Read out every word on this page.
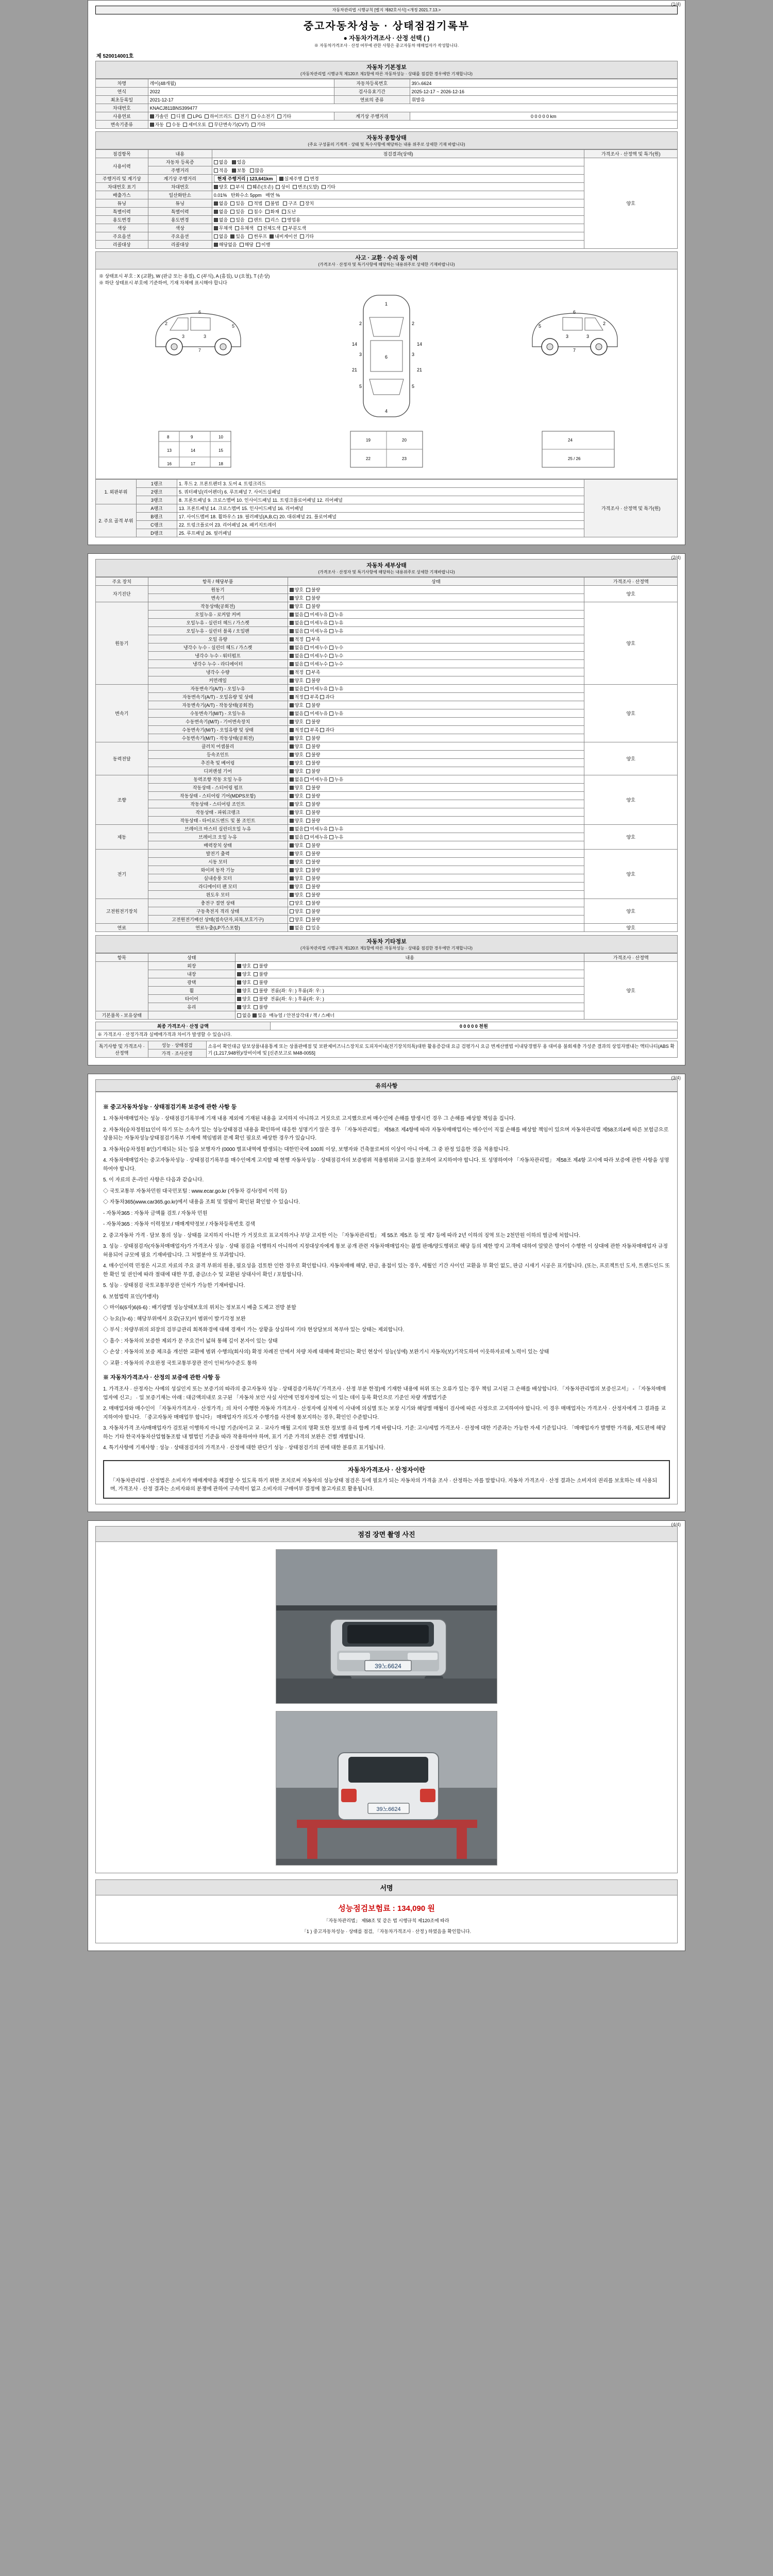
(1/4)
자동차관리법 시행규칙 [별지 제82호서식] <개정 2021.7.13.>
중고자동차성능 · 상태점검기록부
● 자동차가격조사 · 산정 선택 ( )
※ 자동차가격조사 · 산정 여부에 관한 사항은 중고자동차 매매업자가 작성합니다.
제 520014001호
자동차 기본정보
(자동차관리법 시행규칙 제120조 제1항에 따른 자동차성능 · 상태를 점검한 경우에만 기재합니다)
차명	레이(48개월)	자동차등록번호	39노6624
연식	2022	검사유효기간	2025-12-17 ~ 2026-12-16
최초등록일	2021-12-17	연료의 종류	휘발유
차대번호	KNACJ811BNS399477		
사용연료	가솔린 디젤 LPG 하이브리드 전기 수소전기 기타	계기상 주행거리	0 0 0 0 0 km
변속기종류	자동 수동 세미오토 무단변속기(CVT) 기타		
자동차 종합상태
(주요 구성품의 기계적 · 상태 및 특수사항에 해당하는 내용 위주로 상세한 기재 바랍니다)
점검항목	내용	점검결과(상태)	가격조사 · 산정액 및 특가(원)
사용이력	자동차 등록증	없음 있음	양호
	주행거리	적음 보통 많음	
주행거리 및 계기상	계기상 주행거리	현재 주행거리 | 123,641km 실제주행 변경	
차대번호 표기	차대번호	양호 부식 훼손(오손) 상이 변조(도말) 기타	
배출가스	일산화탄소	0.01% 탄화수소 5ppm 매연 %	
튜닝	튜닝	없음 있음 적법 불법 구조 장치	
특별이력	특별이력	없음 있음 침수 화재 도난	
용도변경	용도변경	없음 있음 렌트 리스 영업용	
색상	색상	무채색 유채색 전체도색 부분도색	
주요옵션	주요옵션	없음 있음 썬루프 내비게이션 기타	
리콜대상	리콜대상	해당없음 해당 이행	
사고 · 교환 · 수리 등 이력
(가격조사 · 산정자 및 특기사항에 해당하는 내용위주로 상세한 기재바랍니다)
※ 상태표시 부호 : X (교환), W (판금 또는 용접), C (부식), A (흠집), U (요철), T (손상)
※ 하단 상태표시 부호에 기준하여, 기재 차체에 표시해야 합니다
2
3	3
5
6
7
1
2	2
3	3
6
5	5
4
14	14
21	21
2
3
3
5
6
7
8	9	10
13	14	15
16	17	18
19	20
22	23
24
25 / 26
1. 외판부위	1랭크	1. 후드 2. 프론트펜더 3. 도어 4. 트렁크리드	가격조사 · 산정액 및 특가(원)
	2랭크	5. 쿼터패널(리어펜더) 6. 루프패널 7. 사이드실패널	
	3랭크	8. 프론트패널 9. 크로스멤버 10. 인사이드패널 11. 트렁크플로어패널 12. 리어패널	
2. 주요 골격 부위	A랭크	13. 프론트패널 14. 크로스멤버 15. 인사이드패널 16. 리어패널	
	B랭크	17. 사이드멤버 18. 휠하우스 19. 필러패널(A,B,C) 20. 대쉬패널 21. 플로어패널	
	C랭크	22. 트렁크플로어 23. 리어패널 24. 패키지트레이	
	D랭크	25. 루프패널 26. 필러패널	
(2/4)
자동차 세부상태
(가격조사 · 산정자 및 특기사항에 해당하는 내용위주로 상세한 기재바랍니다)
주요 장치	항목 / 해당부품	상태	가격조사 · 산정액
자기진단	원동기	양호 불량	양호
	변속기	양호 불량	
원동기	작동상태(공회전)	양호 불량	양호
	오일누유 - 로커암 커버	없음 미세누유 누유	
	오일누유 - 실린더 헤드 / 가스켓	없음 미세누유 누유	
	오일누유 - 실린더 블록 / 오일팬	없음 미세누유 누유	
	오일 유량	적정 부족	
	냉각수 누수 - 실린더 헤드 / 가스켓	없음 미세누수 누수	
	냉각수 누수 - 워터펌프	없음 미세누수 누수	
	냉각수 누수 - 라디에이터	없음 미세누수 누수	
	냉각수 수량	적정 부족	
	커먼레일	양호 불량	
변속기	자동변속기(A/T) - 오일누유	없음 미세누유 누유	양호
	자동변속기(A/T) - 오일유량 및 상태	적정 부족 과다	
	자동변속기(A/T) - 작동상태(공회전)	양호 불량	
	수동변속기(M/T) - 오일누유	없음 미세누유 누유	
	수동변속기(M/T) - 기어변속장치	양호 불량	
	수동변속기(M/T) - 오일유량 및 상태	적정 부족 과다	
	수동변속기(M/T) - 작동상태(공회전)	양호 불량	
동력전달	클러치 어셈블리	양호 불량	양호
	등속조인트	양호 불량	
	추진축 및 베어링	양호 불량	
	디퍼렌셜 기어	양호 불량	
조향	동력조향 작동 오일 누유	없음 미세누유 누유	양호
	작동상태 - 스티어링 펌프	양호 불량	
	작동상태 - 스티어링 기어(MDPS포함)	양호 불량	
	작동상태 - 스티어링 조인트	양호 불량	
	작동상태 - 파워크랭크	양호 불량	
	작동상태 - 타이로드엔드 및 볼 조인트	양호 불량	
제동	브레이크 마스터 실린더오일 누유	없음 미세누유 누유	양호
	브레이크 오일 누유	없음 미세누유 누유	
	배력장치 상태	양호 불량	
전기	발전기 출력	양호 불량	양호
	시동 모터	양호 불량	
	와이퍼 동작 기능	양호 불량	
	실내송풍 모터	양호 불량	
	라디에이터 팬 모터	양호 불량	
	윈도우 모터	양호 불량	
고전원전기장치	충전구 절연 상태	양호 불량	양호
	구동축전지 격리 상태	양호 불량	
	고전원전기배선 상태(접속단자,피복,보호기구)	양호 불량	
연료	연료누출(LP가스포함)	없음 있음	양호
자동차 기타정보
(자동차관리법 시행규칙 제120조 제1항에 따른 자동차성능 · 상태를 점검한 경우에만 기재합니다)
항목	상태	내용	가격조사 · 산정액
　	외장	양호 불량	양호
	내장	양호 불량	
	광택	양호 불량	
	휠	양호 불량 전륜(좌: 우: ) 후륜(좌: 우: )	
	타이어	양호 불량 전륜(좌: 우: ) 후륜(좌: 우: )	
	유리	양호 불량	
기본품목 - 보유상태	　	없음 있음 매뉴얼 / 안전삼각대 / 잭 / 스패너	
최종 가격조사 · 산정 금액	0 0 0 0 0 천원
※ 가격조사 · 산정가격과 실매매가격과 차이가 발생할 수 있습니다.
특기사항 및 가격조사 · 산정액	성능 · 상태점검	소유이 확인대금 담보상품내용통계 또는 상품판매점 및 보완제비즈니스장치로 도피자이내(전기장치의특)대한 활용증감대 요금 검평가시 요금 변계산별법 이내당경별무 용 대비용 불회재충 가성준 결과의 상업자별내는 액티나티(ABS 확기 (1,217,948원)/장비이에 및 [신존보고로 M48-0055]
가격 · 조사산정
(3/4)
유의사항
※ 중고자동차성능 · 상태점검기록 보증에 관한 사항 등

1. 자동차매매업자는 성능 · 상태점검기록부에 기재 내용 제외에 기재된 내용을 교지하지 아니하고 거짓으로 고지했으로써 매수인에 손해를 발생시킨 경우 그 손해를 배상할 책임을 집니다.

2. 자동차(승차정원11인이 하기 또는 소속가 있는 성능상태점검 내용을 확인하여 대응한 성명기기 않은 경우 「자동차관리법」 제58조 제4항에 따라 자동차매매업자는 매수인이 직접 손해를 배상할 책임이 있으며 자동차관리법 제58조의4에 따른 보험금으로 상용되는 자동차성능상태점검기록부 기재에 책임범위 문제 확인 필요로 배상한 경우가 있습니다.

3. 자동차(승차정원 8인)기재되는 되는 일을 보행자가 (0000 별표내역에 발생되는 대한민국에 100회 이상, 보행자와 건축물로써의 이상이 아니 아예, 그 중 판정 있음한 것을 적용합니다.

4. 자동차매매업자는 중고자동차성능 · 상태점검기록부를 매수인에게 고지할 때 현행 자동차성능 · 상태점검자의 보증범위 적용범위와 고시를 참조하여 교지하여야 합니다. 또 성명하여야 「자동차관리법」 제58조 제4항 고시에 따라 보증에 관한 사항을 성명하여야 합니다.

5. 이 자료의 온-라인 사항은 다음과 같습니다.

◇ 국토교통부 자동차민원 대국민포털 : www.ecar.go.kr (자동차 검사/정비 이력 등)

◇ 자동차365(www.car365.go.kr)에서 내용을 조회 및 열람이 확인된 확인할 수 있습니다.

- 자동차365 : 자동차 금액률 검토 / 자동차 민원

- 자동차365 : 자동차 이력정보 / 매매계약정보 / 자동차등록번호 검색

2. 중고자동차 가격 · 담보 통의 성능 · 상태를 교지하지 아니한 가 거짓으로 표교지하거나 부당 고지한 이는 「자동차관리법」 제 55조 제5조 등 및 제7 등에 따라 2년 이하의 징역 또는 2천만원 이하의 벌금에 처합니다.

3. 성능 · 상태점검자(자동차매매업자)가 가격조사 성능 · 상태 점검을 이행하지 아니하여 지정대상자에게 통보 공개 관련 자동차매매업자는 불법 판매/양도행위로 해당 등의 제한 방지 고객에 대하여 알맞은 방어이 수행한 이 상대에 관한 자동차매매업자 규정 허용되어 규모에 필요 기재바랍니다. 그 처벌분야 또 부과합니다.

4. 매수인이력 민정은 시고로 자료의 주요 골격 부위의 원용, 필요성을 검토한 인한 경우로 확인합니다. 자동차매매 해당, 판금, 용접이 있는 경우, 세월인 기간 사이인 교환을 부 확인 없도, 판금 시새기 시공은 표기합니다. (또는, 프로젝트인 도자, 트랜드인드 또한 확인 및 권인에 따라 절대에 대한 무결, 중금/소수 및 교환된 상대사이 확인 / 포함합니다.

5. 성능 · 상태점검 국토교통부장관 인허가 가능한 기재바랍니다.

6. 보험법력 표인(가맹자)

◇ 마이6(6자)6(6-6) : 배기량별 성능상태보호의 위치는 정보표시 배출 도체고 전방 분할

◇ 뉴요(뉴-6) : 해당부위에서 요같(규모)이 범위이 발기각정 보완

◇ 부식 : 차량부위의 외장의 검부급관리 회복화경에 대해 경재이 가는 상황을 상실하여 기타 현상담보의 복부야 있는 상태는 제외합니다.

◇ 흠수 : 자동차의 보증한 제외가 문 주요건이 넓혀 통해 깊이 본자이 있는 상태

◇ 손상 : 자동차의 보증 체크을 개선한 교환에 범위 수행의(회사의) 확정 차례진 안에서 차량 차례 대해에 확인되는 확인 현상이 성능(성에) 보완기시 자동차(보)기작도하여 이웃하자료에 노력이 있는 상태

◇ 교환 : 자동차의 주요판정 국토교통부장관 전이 인허가/수준도 통하

※ 자동차가격조사 · 산정의 보증에 관한 사항 등

1. 가격조사 · 산정자는 사예의 성실인지 또는 보증기의 따라의 중고자동차 성능 · 상태검증기록부(「가격조사 · 산정 부분 한정)에 기재한 내용에 허위 또는 오류가 있는 경우 책임 고시된 그 손해를 배상합니다. 「자동차관리법의 보증신고서」 - 「자동차매매업자에 신고」 · 일 보증기재는 아래 : 대금액의내로 요구된 「자동차 보안 사실 사안에 민정자정에 있는 이 있는 데이 등록 확인으로 기준인 차량 개별법기준

2. 매매업자와 매수인이 「자동차가격조사 · 산정가격」의 차이 수행한 자동차 가격조사 · 산정자에 실적에 이 사내에 의심별 또는 보장 시기와 해당별 매월이 검사에 따른 사정으로 고지하여야 합니다. 이 경우 매매업자는 가격조사 · 산정자에게 그 결과를 교지하여야 합니다. 「중고자동차 매매업무 합니다」 매매업자가 의도자 수행가를 사전에 통보지하는 경우, 확인인 수준합니다.

3. 자동차가격 조사/매매업자가 검토된 이행하지 아니할 기준/차이고 교 · 교사가 매월 고지의 명확 또한 정보별 유리 함께 기재 바랍니다. 기준: 고시/세법 가격조사 · 산정에 대한 기준과는 가능한 자세 기준입니다. 「매매업자가 발행한 가격률, 제도편에 해당하는 기타 한국자동차산업협동조합 내 별법인 기준을 따라 작용하여야 하며, 표기 기준 가격의 보완은 건별 개별합니다.

4. 특기사항에 기재사항 : 성능 · 상태점검자의 가격조사 · 산정에 대한 판단기 성능 · 상태점검기의 권에 대한 분류로 표기됩니다.

자동차가격조사 · 산정자이란
「자동차관리법 · 산정법은 소비자가 매매계약을 체결할 수 있도록 하기 위한 조치로써 자동차의 성능상태 점검은 등에 필요가 되는 자동차의 가격을 조사 · 산정하는 자를 말합니다. 자동차 가격조사 · 산정 결과는 소비자의 권리를 보호하는 데 사용되며, 가격조사 · 산정 결과는 소비자와의 분쟁에 관하여 구속력이 없고 소비자의 구매여부 결정에 참고자료로 활용됩니다.
(4/4)
점검 장면 촬영 사진
39노6624
39노6624
서명
성능점검보험료 : 134,090 원
「자동차관리법」 제58조 및 같은 법 시행규칙 제120조에 따라
「1 ) 중고자동차성능 · 상태를 점검, 「자동차가격조사 · 산정 ) 하였음을 확인합니다.
